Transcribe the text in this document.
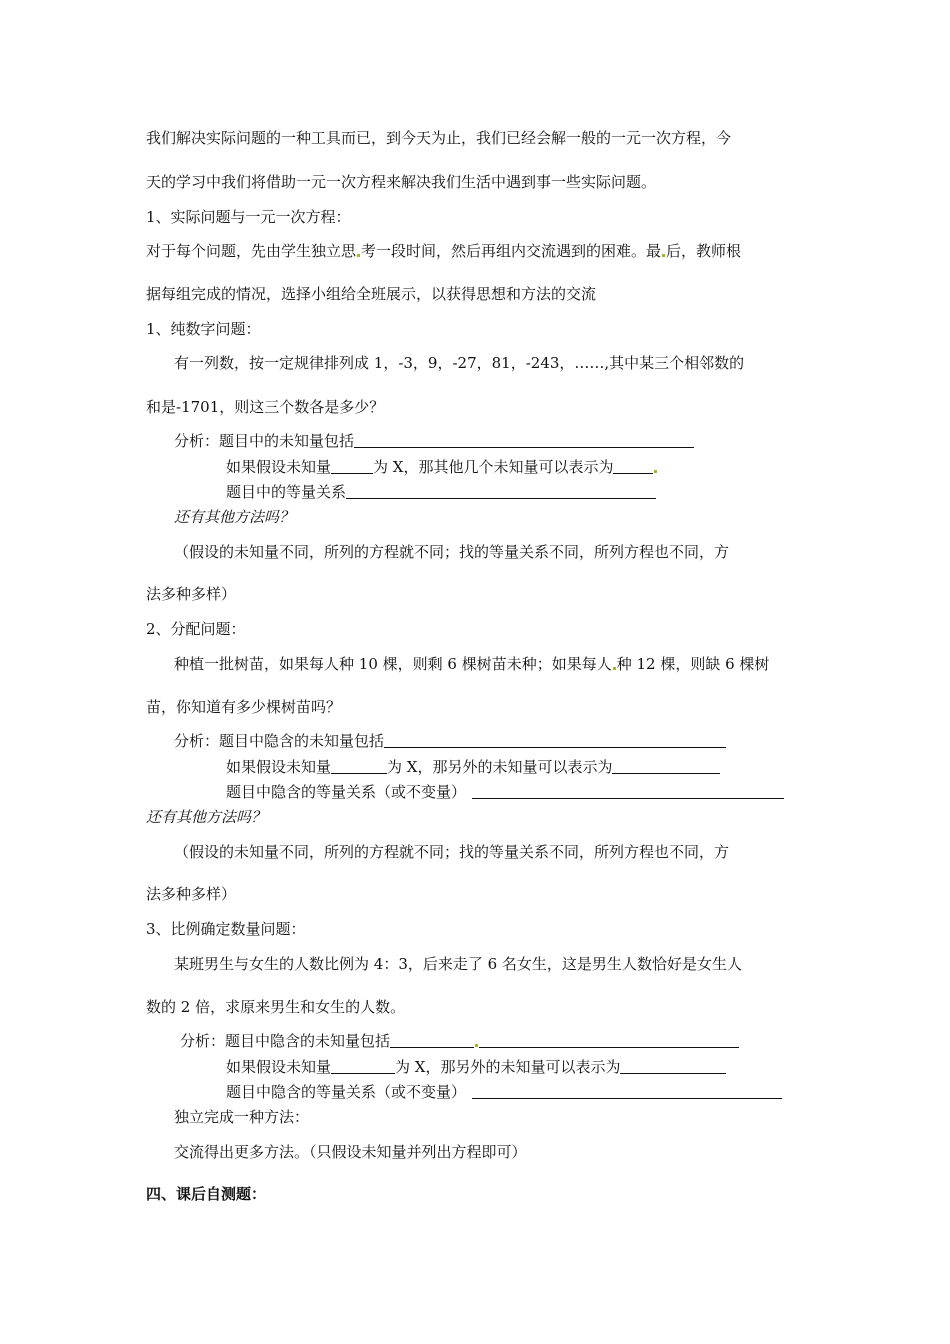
我们解决实际问题的一种工具而已，到今天为止，我们已经会解一般的一元一次方程，今
天的学习中我们将借助一元一次方程来解决我们生活中遇到事一些实际问题。
1、实际问题与一元一次方程：
对于每个问题，先由学生独立思 考一段时间，然后再组内交流遇到的困难。最 后，教师根
据每组完成的情况，选择小组给全班展示，以获得思想和方法的交流
1、纯数字问题：
有一列数，按一定规律排列成 1，-3，9，-27，81，-243，……,其中某三个相邻数的
和是-1701，则这三个数各是多少？
分析：题目中的未知量包括
如果假设未知量	为 X，那其他几个未知量可以表示为
题目中的等量关系
还有其他方法吗？
（假设的未知量不同，所列的方程就不同；找的等量关系不同，所列方程也不同，方
法多种多样）
2、分配问题：
种植一批树苗，如果每人种 10 棵，则剩 6 棵树苗未种；如果每人 种 12 棵，则缺 6 棵树
苗，你知道有多少棵树苗吗？
分析：题目中隐含的未知量包括
如果假设未知量	为 X，那另外的未知量可以表示为
题目中隐含的等量关系（或不变量）
还有其他方法吗？
（假设的未知量不同，所列的方程就不同；找的等量关系不同，所列方程也不同，方
法多种多样）
3、比例确定数量问题：
某班男生与女生的人数比例为 4：3，后来走了 6 名女生，这是男生人数恰好是女生人
数的 2 倍，求原来男生和女生的人数。
分析：题目中隐含的未知量包括
如果假设未知量	为 X，那另外的未知量可以表示为
题目中隐含的等量关系（或不变量）
独立完成一种方法：
交流得出更多方法。（只假设未知量并列出方程即可）
四、课后自测题：
